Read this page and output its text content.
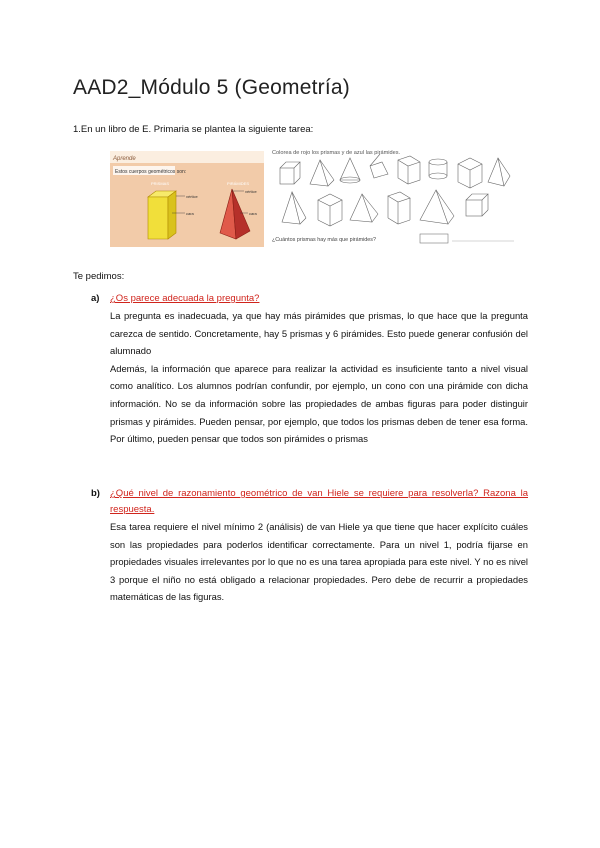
AAD2_Módulo 5 (Geometría)
1.En un libro de E. Primaria se plantea la siguiente tarea:
Aprende
Estos cuerpos geométricos son:
PRISMAS	PIRÁMIDES
vértice
cara
vértice
cara
Colorea de rojo los prismas y de azul las pirámides.
¿Cuántos prismas hay más que pirámides?
Te pedimos:
a) ¿Os parece adecuada la pregunta?

La pregunta es inadecuada, ya que hay más pirámides que prismas, lo que hace que la pregunta carezca de sentido. Concretamente, hay 5 prismas y 6 pirámides. Esto puede generar confusión del alumnado

Además, la información que aparece para realizar la actividad es insuficiente tanto a nivel visual como analítico. Los alumnos podrían confundir, por ejemplo, un cono con una pirámide con dicha información. No se da información sobre las propiedades de ambas figuras para poder distinguir prismas y pirámides. Pueden pensar, por ejemplo, que todos los prismas deben de tener esa forma. Por último, pueden pensar que todos son pirámides o prismas

b) ¿Qué nivel de razonamiento geométrico de van Hiele se requiere para resolverla? Razona la respuesta.

Esa tarea requiere el nivel mínimo 2 (análisis) de van Hiele ya que tiene que hacer explícito cuáles son las propiedades para poderlos identificar correctamente. Para un nivel 1, podría fijarse en propiedades visuales irrelevantes por lo que no es una tarea apropiada para este nivel. Y no es nivel 3 porque el niño no está obligado a relacionar propiedades. Pero debe de recurrir a propiedades matemáticas de las figuras.
